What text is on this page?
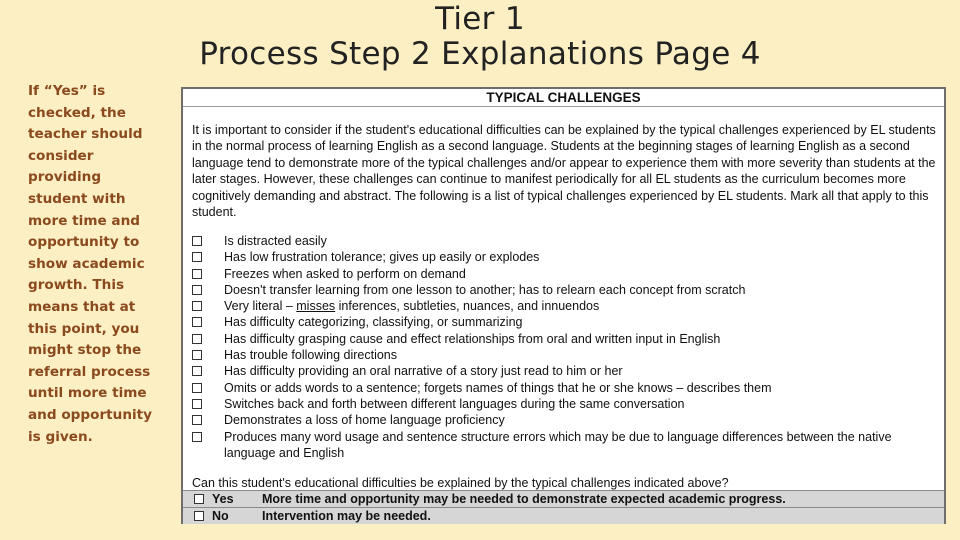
Tier 1
Process Step 2 Explanations Page 4
If “Yes” is checked, the teacher should consider providing student with more time and opportunity to show academic growth. This means that at this point, you might stop the referral process until more time and opportunity is given.
TYPICAL CHALLENGES
It is important to consider if the student's educational difficulties can be explained by the typical challenges experienced by EL students in the normal process of learning English as a second language. Students at the beginning stages of learning English as a second language tend to demonstrate more of the typical challenges and/or appear to experience them with more severity than students at the later stages. However, these challenges can continue to manifest periodically for all EL students as the curriculum becomes more cognitively demanding and abstract. The following is a list of typical challenges experienced by EL students. Mark all that apply to this student.
Is distracted easily
Has low frustration tolerance; gives up easily or explodes
Freezes when asked to perform on demand
Doesn't transfer learning from one lesson to another; has to relearn each concept from scratch
Very literal – misses inferences, subtleties, nuances, and innuendos
Has difficulty categorizing, classifying, or summarizing
Has difficulty grasping cause and effect relationships from oral and written input in English
Has trouble following directions
Has difficulty providing an oral narrative of a story just read to him or her
Omits or adds words to a sentence; forgets names of things that he or she knows – describes them
Switches back and forth between different languages during the same conversation
Demonstrates a loss of home language proficiency
Produces many word usage and sentence structure errors which may be due to language differences between the native language and English
Can this student's educational difficulties be explained by the typical challenges indicated above?
Yes	More time and opportunity may be needed to demonstrate expected academic progress.
No	Intervention may be needed.
